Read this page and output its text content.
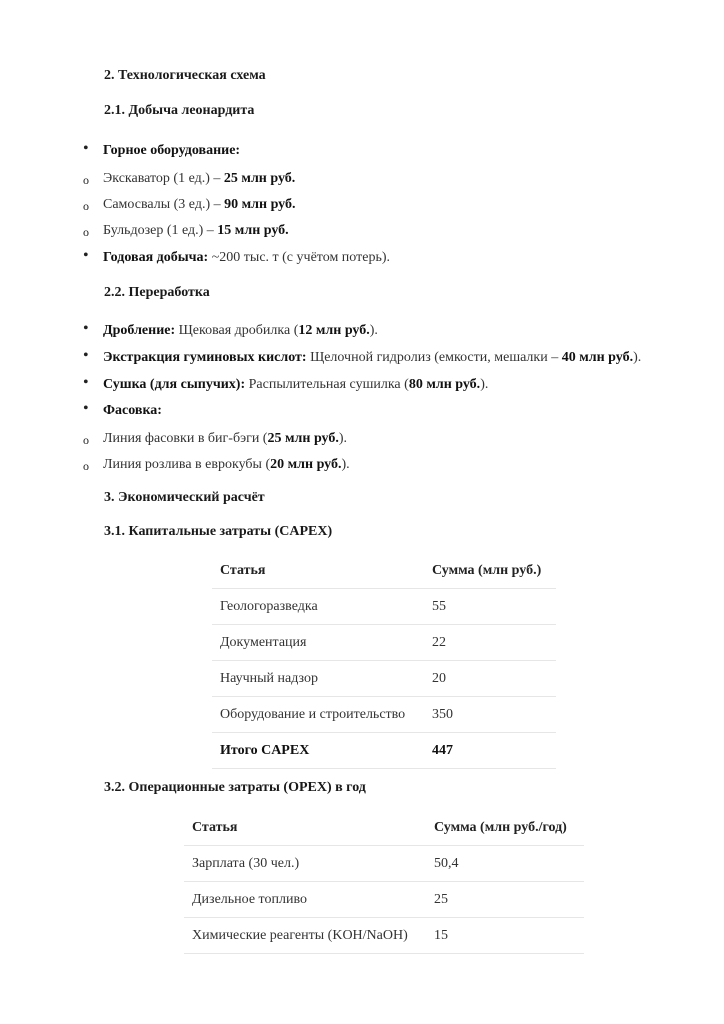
2. Технологическая схема
2.1. Добыча леонардита
•
Горное оборудование:
o
Экскаватор (1 ед.) – 25 млн руб.
o
Самосвалы (3 ед.) – 90 млн руб.
o
Бульдозер (1 ед.) – 15 млн руб.
•
Годовая добыча: ~200 тыс. т (с учётом потерь).
2.2. Переработка
•
Дробление: Щековая дробилка (12 млн руб.).
•
Экстракция гуминовых кислот: Щелочной гидролиз (емкости, мешалки – 40 млн руб.).
•
Сушка (для сыпучих): Распылительная сушилка (80 млн руб.).
•
Фасовка:
o
Линия фасовки в биг-бэги (25 млн руб.).
o
Линия розлива в еврокубы (20 млн руб.).
3. Экономический расчёт
3.1. Капитальные затраты (CAPEX)
Статья	Сумма (млн руб.)
Геологоразведка	55
Документация	22
Научный надзор	20
Оборудование и строительство	350
Итого CAPEX	447
3.2. Операционные затраты (OPEX) в год
Статья	Сумма (млн руб./год)
Зарплата (30 чел.)	50,4
Дизельное топливо	25
Химические реагенты (KOH/NaOH)	15
